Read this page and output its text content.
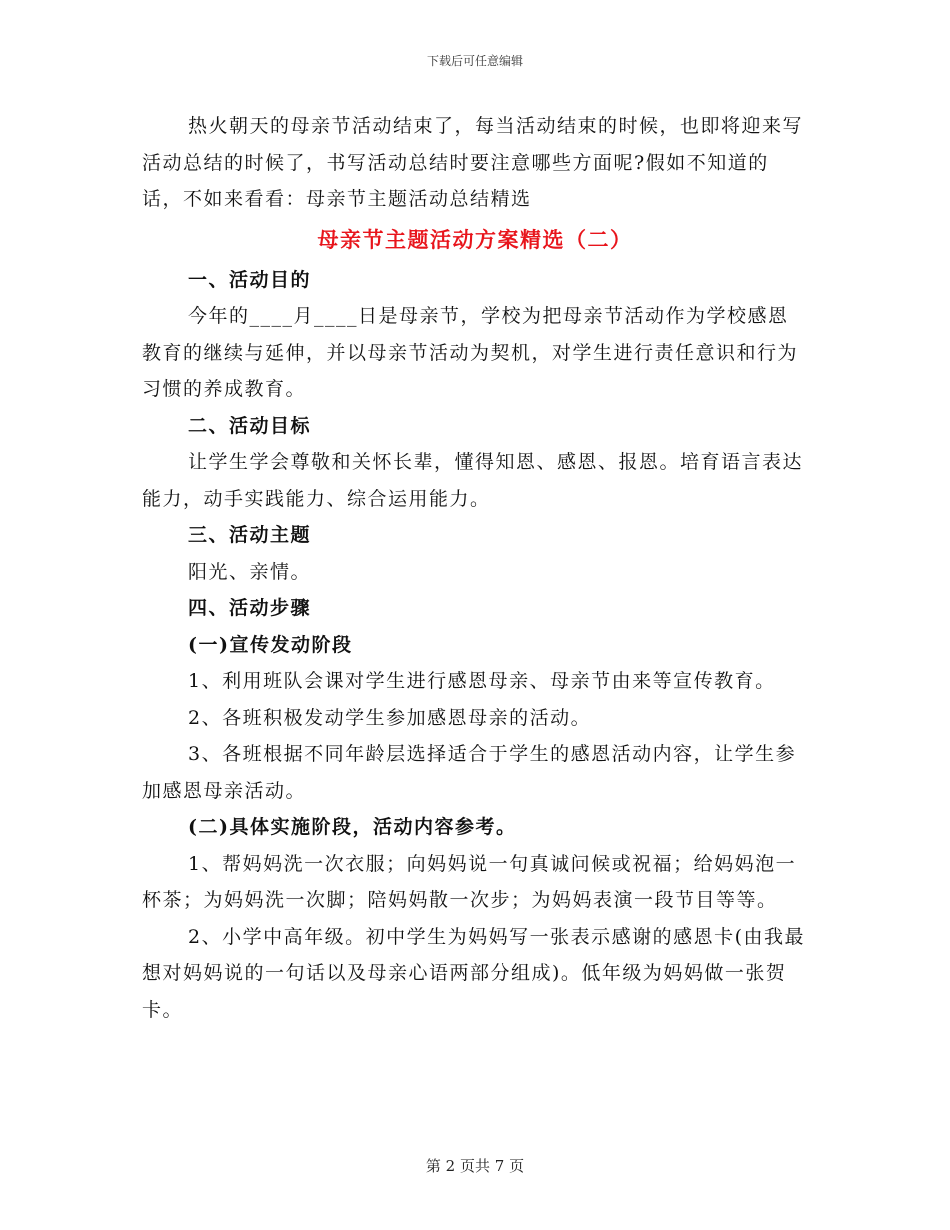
下载后可任意编辑

热火朝天的母亲节活动结束了，每当活动结束的时候，也即将迎来写活动总结的时候了，书写活动总结时要注意哪些方面呢?假如不知道的话，不如来看看：母亲节主题活动总结精选

母亲节主题活动方案精选（二）

一、活动目的

今年的____月____日是母亲节，学校为把母亲节活动作为学校感恩教育的继续与延伸，并以母亲节活动为契机，对学生进行责任意识和行为习惯的养成教育。

二、活动目标

让学生学会尊敬和关怀长辈，懂得知恩、感恩、报恩。培育语言表达能力，动手实践能力、综合运用能力。

三、活动主题

阳光、亲情。

四、活动步骤

(一)宣传发动阶段

1、利用班队会课对学生进行感恩母亲、母亲节由来等宣传教育。

2、各班积极发动学生参加感恩母亲的活动。

3、各班根据不同年龄层选择适合于学生的感恩活动内容，让学生参加感恩母亲活动。

(二)具体实施阶段，活动内容参考。

1、帮妈妈洗一次衣服；向妈妈说一句真诚问候或祝福；给妈妈泡一杯茶；为妈妈洗一次脚；陪妈妈散一次步；为妈妈表演一段节目等等。

2、小学中高年级。初中学生为妈妈写一张表示感谢的感恩卡(由我最想对妈妈说的一句话以及母亲心语两部分组成)。低年级为妈妈做一张贺卡。

第 2 页共 7 页
